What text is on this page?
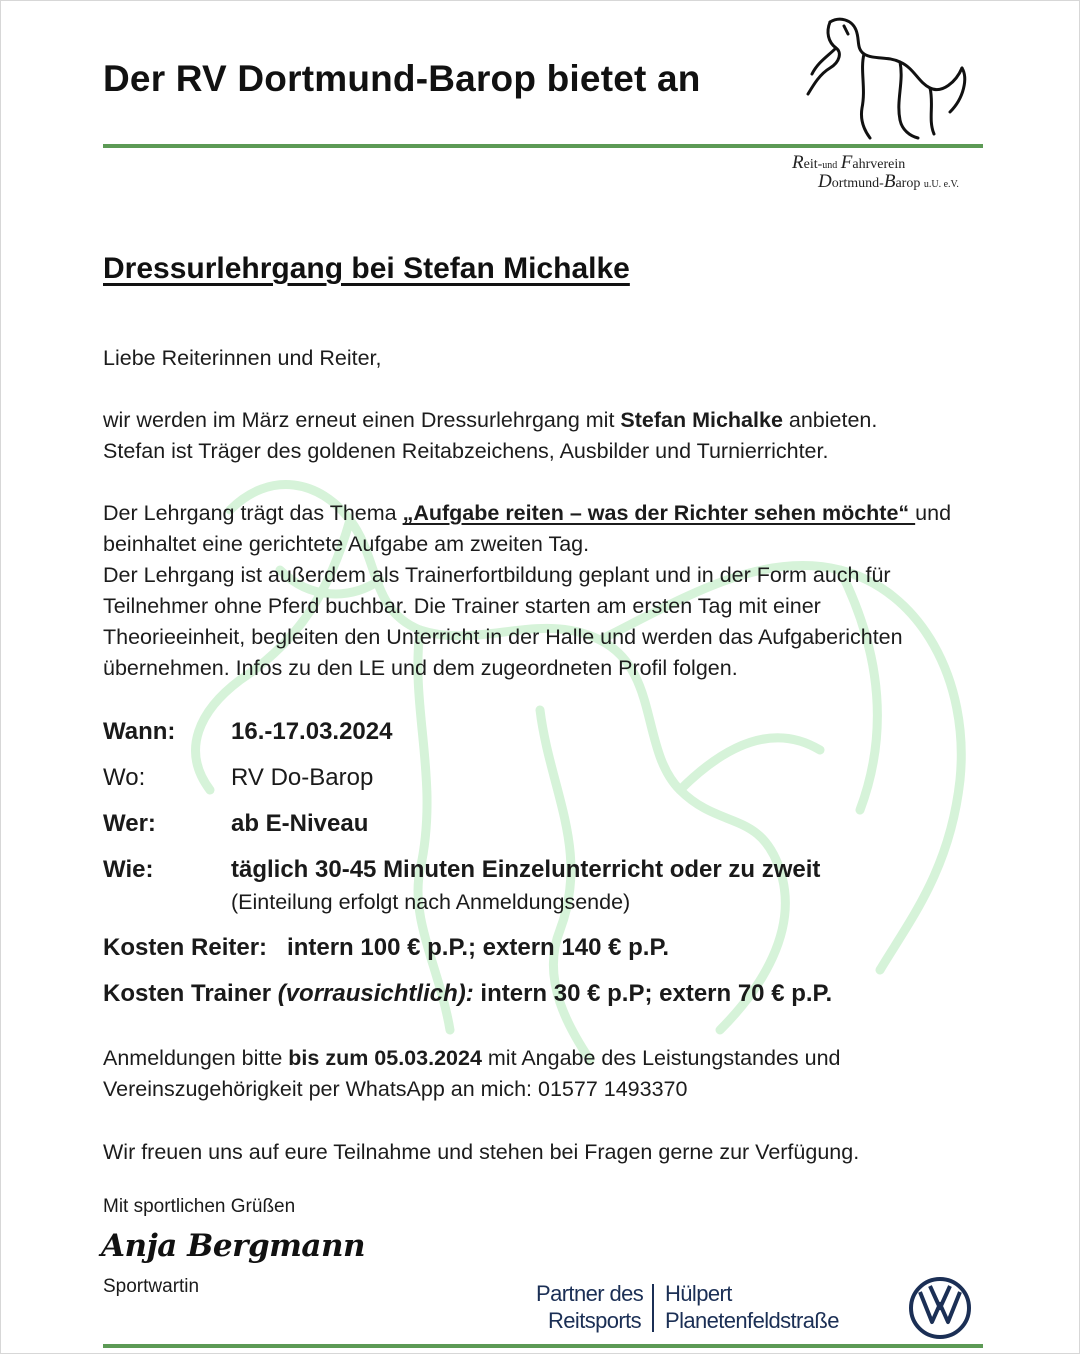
Der RV Dortmund-Barop bietet an
Reit-und Fahrverein
Dortmund-Barop u.U. e.V.
Dressurlehrgang bei Stefan Michalke
Liebe Reiterinnen und Reiter,
wir werden im März erneut einen Dressurlehrgang mit Stefan Michalke anbieten.
Stefan ist Träger des goldenen Reitabzeichens, Ausbilder und Turnierrichter.
Der Lehrgang trägt das Thema „Aufgabe reiten – was der Richter sehen möchte“ und
beinhaltet eine gerichtete Aufgabe am zweiten Tag.
Der Lehrgang ist außerdem als Trainerfortbildung geplant und in der Form auch für
Teilnehmer ohne Pferd buchbar. Die Trainer starten am ersten Tag mit einer
Theorieeinheit, begleiten den Unterricht in der Halle und werden das Aufgaberichten
übernehmen. Infos zu den LE und dem zugeordneten Profil folgen.
Wann: 16.-17.03.2024
Wo:	RV Do-Barop
Wer:	ab E-Niveau
Wie:	täglich 30-45 Minuten Einzelunterricht oder zu zweit
(Einteilung erfolgt nach Anmeldungsende)
Kosten Reiter: intern 100 € p.P.; extern 140 € p.P.
Kosten Trainer (vorrausichtlich): intern 30 € p.P; extern 70 € p.P.
Anmeldungen bitte bis zum 05.03.2024 mit Angabe des Leistungstandes und
Vereinszugehörigkeit per WhatsApp an mich: 01577 1493370
Wir freuen uns auf eure Teilnahme und stehen bei Fragen gerne zur Verfügung.
Mit sportlichen Grüßen
Anja Bergmann
Sportwartin	Partner des
Reitsports
Hülpert
Planetenfeldstraße
